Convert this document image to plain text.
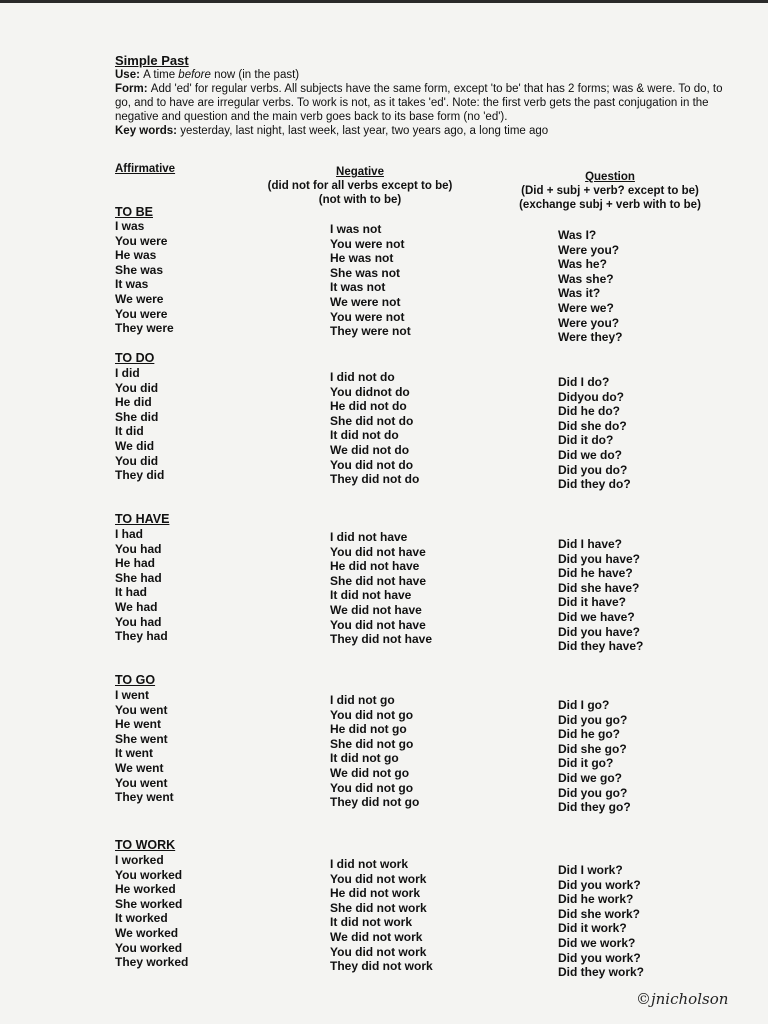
Simple Past
Use: A time before now (in the past)
Form: Add 'ed' for regular verbs. All subjects have the same form, except 'to be' that has 2 forms; was & were. To do, to go, and to have are irregular verbs. To work is not, as it takes 'ed'. Note: the first verb gets the past conjugation in the negative and question and the main verb goes back to its base form (no 'ed').
Key words: yesterday, last night, last week, last year, two years ago, a long time ago
Affirmative	Negative
(did not for all verbs except to be)
(not with to be)
Question
(Did + subj + verb? except to be)
(exchange subj + verb with to be)
TO BE
I was
You were
He was
She was
It was
We were
You were
They were
I was not
You were not
He was not
She was not
It was not
We were not
You were not
They were not
Was I?
Were you?
Was he?
Was she?
Was it?
Were we?
Were you?
Were they?
TO DO
I did
You did
He did
She did
It did
We did
You did
They did
I did not do
You didnot do
He did not do
She did not do
It did not do
We did not do
You did not do
They did not do
Did I do?
Didyou do?
Did he do?
Did she do?
Did it do?
Did we do?
Did you do?
Did they do?
TO HAVE
I had
You had
He had
She had
It had
We had
You had
They had
I did not have
You did not have
He did not have
She did not have
It did not have
We did not have
You did not have
They did not have
Did I have?
Did you have?
Did he have?
Did she have?
Did it have?
Did we have?
Did you have?
Did they have?
TO GO
I went
You went
He went
She went
It went
We went
You went
They went
I did not go
You did not go
He did not go
She did not go
It did not go
We did not go
You did not go
They did not go
Did I go?
Did you go?
Did he go?
Did she go?
Did it go?
Did we go?
Did you go?
Did they go?
TO WORK
I worked
You worked
He worked
She worked
It worked
We worked
You worked
They worked
I did not work
You did not work
He did not work
She did not work
It did not work
We did not work
You did not work
They did not work
Did I work?
Did you work?
Did he work?
Did she work?
Did it work?
Did we work?
Did you work?
Did they work?
©jnicholson
